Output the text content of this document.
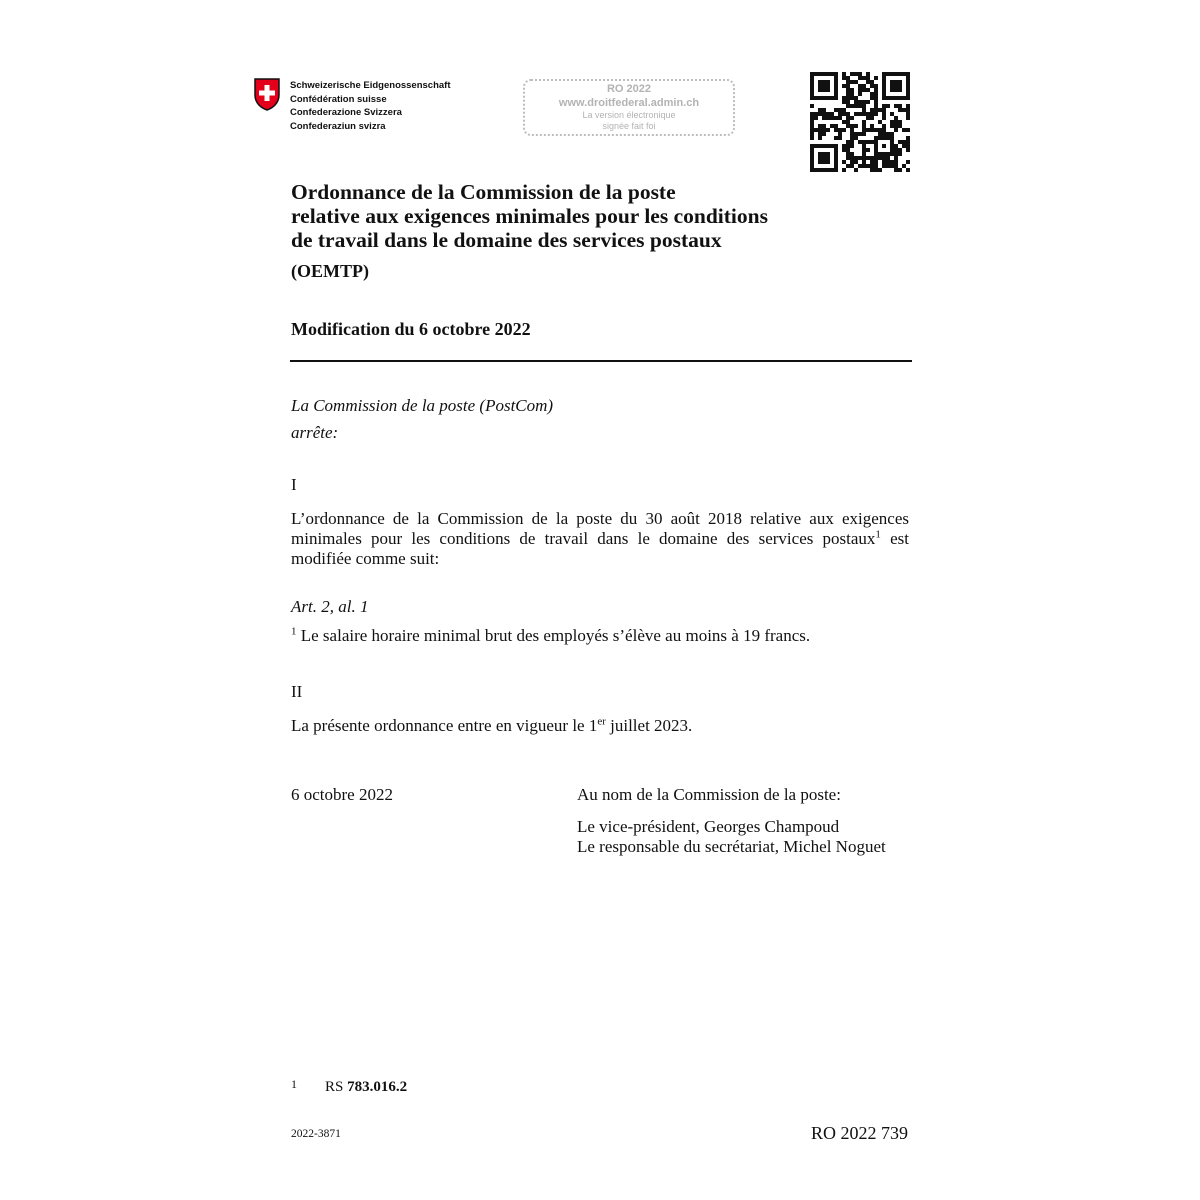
Schweizerische Eidgenossenschaft
Confédération suisse
Confederazione Svizzera
Confederaziun svizra
RO 2022
www.droitfederal.admin.ch
La version électronique
signée fait foi
Ordonnance de la Commission de la poste
relative aux exigences minimales pour les conditions
de travail dans le domaine des services postaux
(OEMTP)
Modification du 6 octobre 2022
La Commission de la poste (PostCom)
arrête:
I
L’ordonnance de la Commission de la poste du 30 août 2018 relative aux exigences minimales pour les conditions de travail dans le domaine des services postaux$^1$ est modifiée comme suit:
Art. 2, al. 1
$^1$ Le salaire horaire minimal brut des employés s’élève au moins à 19 francs.
II
La présente ordonnance entre en vigueur le 1er juillet 2023.
6 octobre 2022	Au nom de la Commission de la poste:
Le vice-président, Georges Champoud
Le responsable du secrétariat, Michel Noguet
1 RS 783.016.2
2022-3871	RO 2022 739
